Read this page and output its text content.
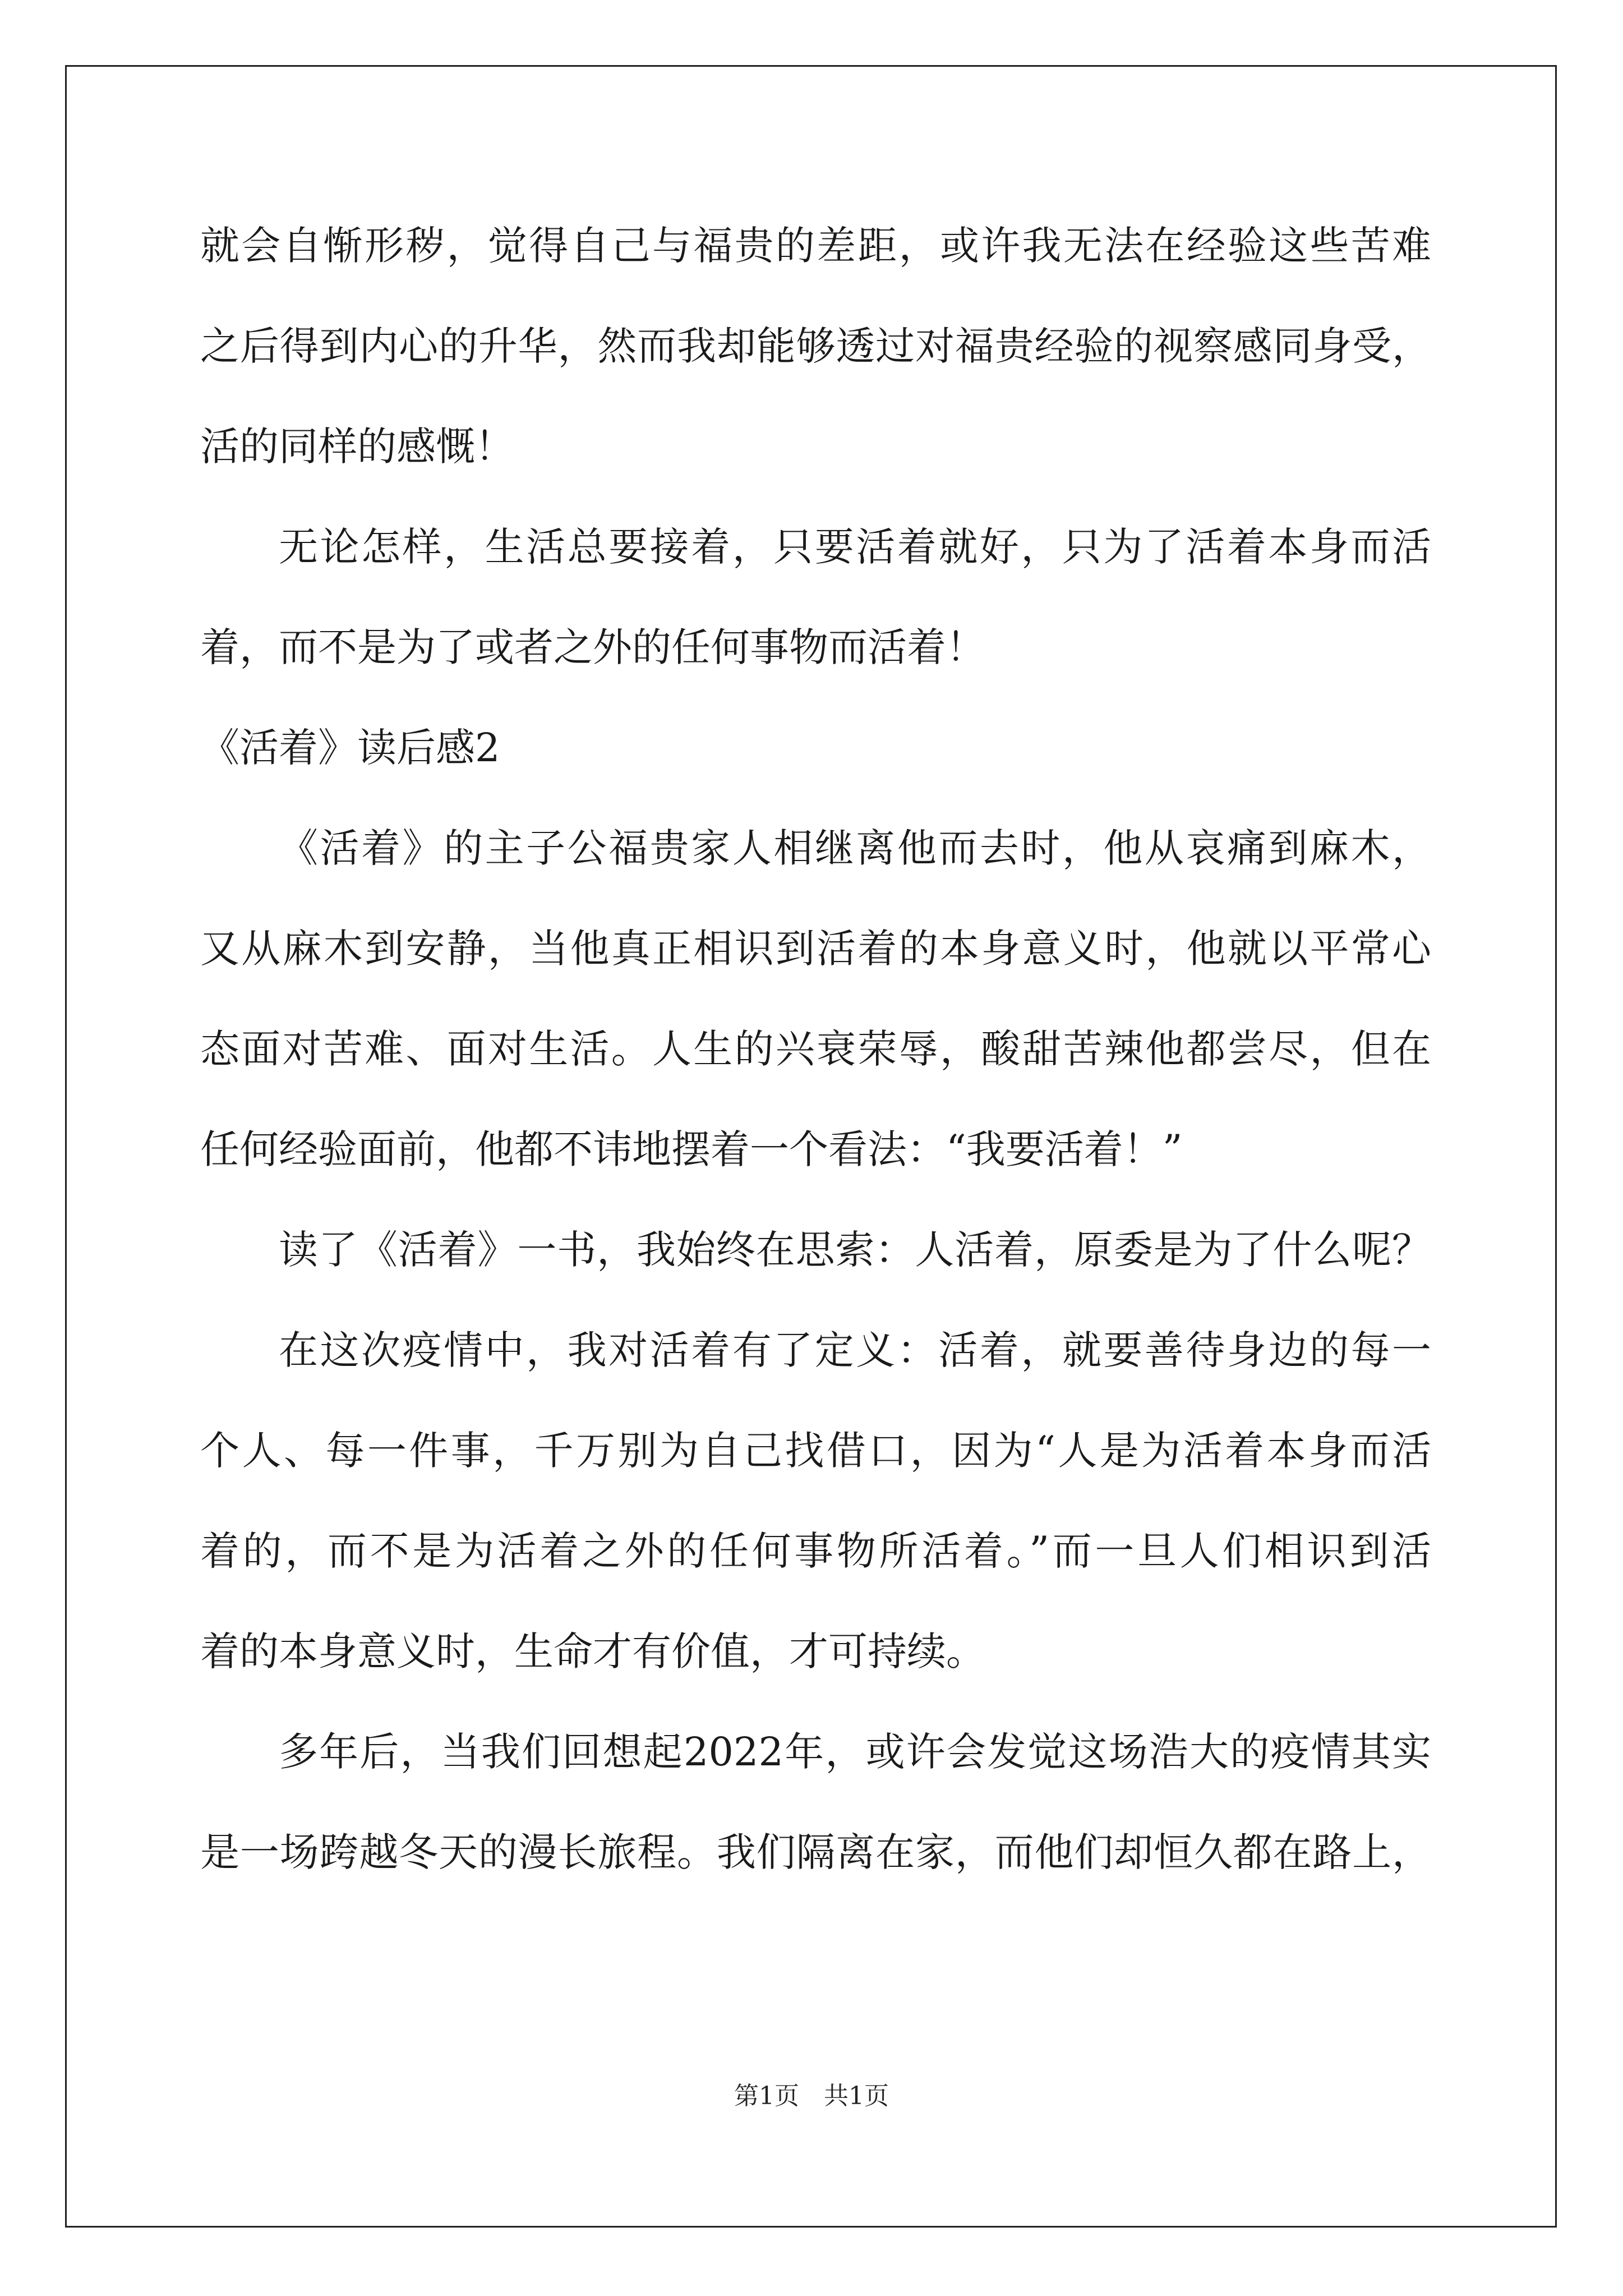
就会自惭形秽，觉得自己与福贵的差距，或许我无法在经验这些苦难

之后得到内心的升华，然而我却能够透过对福贵经验的视察感同身受，

活的同样的感慨！

无论怎样，生活总要接着，只要活着就好，只为了活着本身而活

着，而不是为了或者之外的任何事物而活着！

《活着》读后感2

《活着》的主子公福贵家人相继离他而去时，他从哀痛到麻木，

又从麻木到安静，当他真正相识到活着的本身意义时，他就以平常心

态面对苦难、面对生活。人生的兴衰荣辱，酸甜苦辣他都尝尽，但在

任何经验面前，他都不讳地摆着一个看法：“我要活着！”

读了《活着》一书，我始终在思索：人活着，原委是为了什么呢？

在这次疫情中，我对活着有了定义：活着，就要善待身边的每一

个人、每一件事，千万别为自己找借口，因为“人是为活着本身而活

着的，而不是为活着之外的任何事物所活着。”而一旦人们相识到活

着的本身意义时，生命才有价值，才可持续。

多年后，当我们回想起2022年，或许会发觉这场浩大的疫情其实

是一场跨越冬天的漫长旅程。我们隔离在家，而他们却恒久都在路上，

第1页　共1页
